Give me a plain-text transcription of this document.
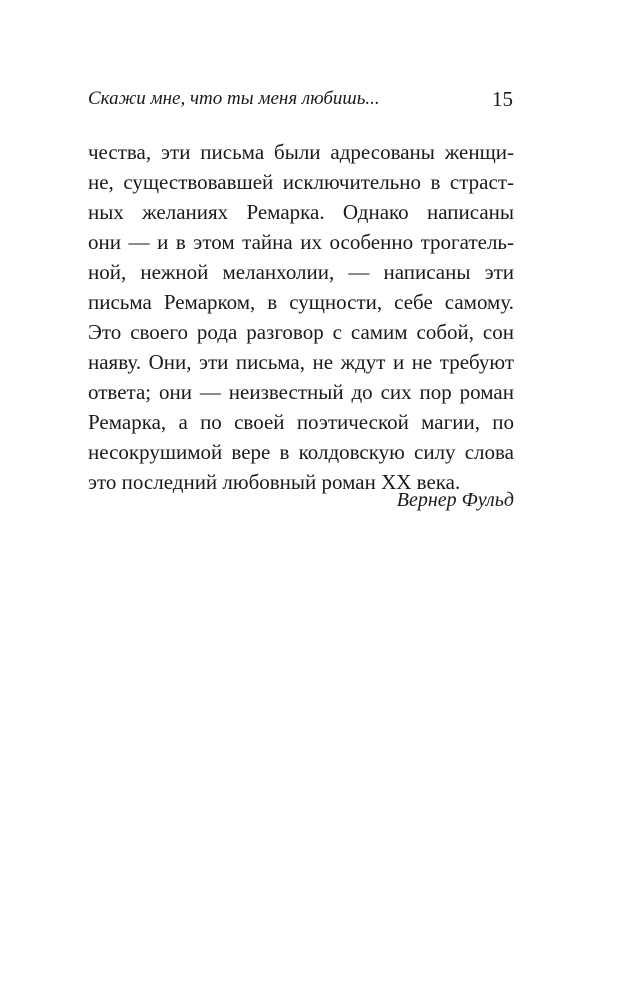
Скажи мне, что ты меня любишь...	15
чества, эти письма были адресованы женщи-
не, существовавшей исключительно в страст-
ных желаниях Ремарка. Однако написаны
они — и в этом тайна их особенно трогатель-
ной, нежной меланхолии, — написаны эти
письма Ремарком, в сущности, себе самому.
Это своего рода разговор с самим собой, сон
наяву. Они, эти письма, не ждут и не требуют
ответа; они — неизвестный до сих пор роман
Ремарка, а по своей поэтической магии, по
несокрушимой вере в колдовскую силу слова
это последний любовный роман XX века.
Вернер Фульд
